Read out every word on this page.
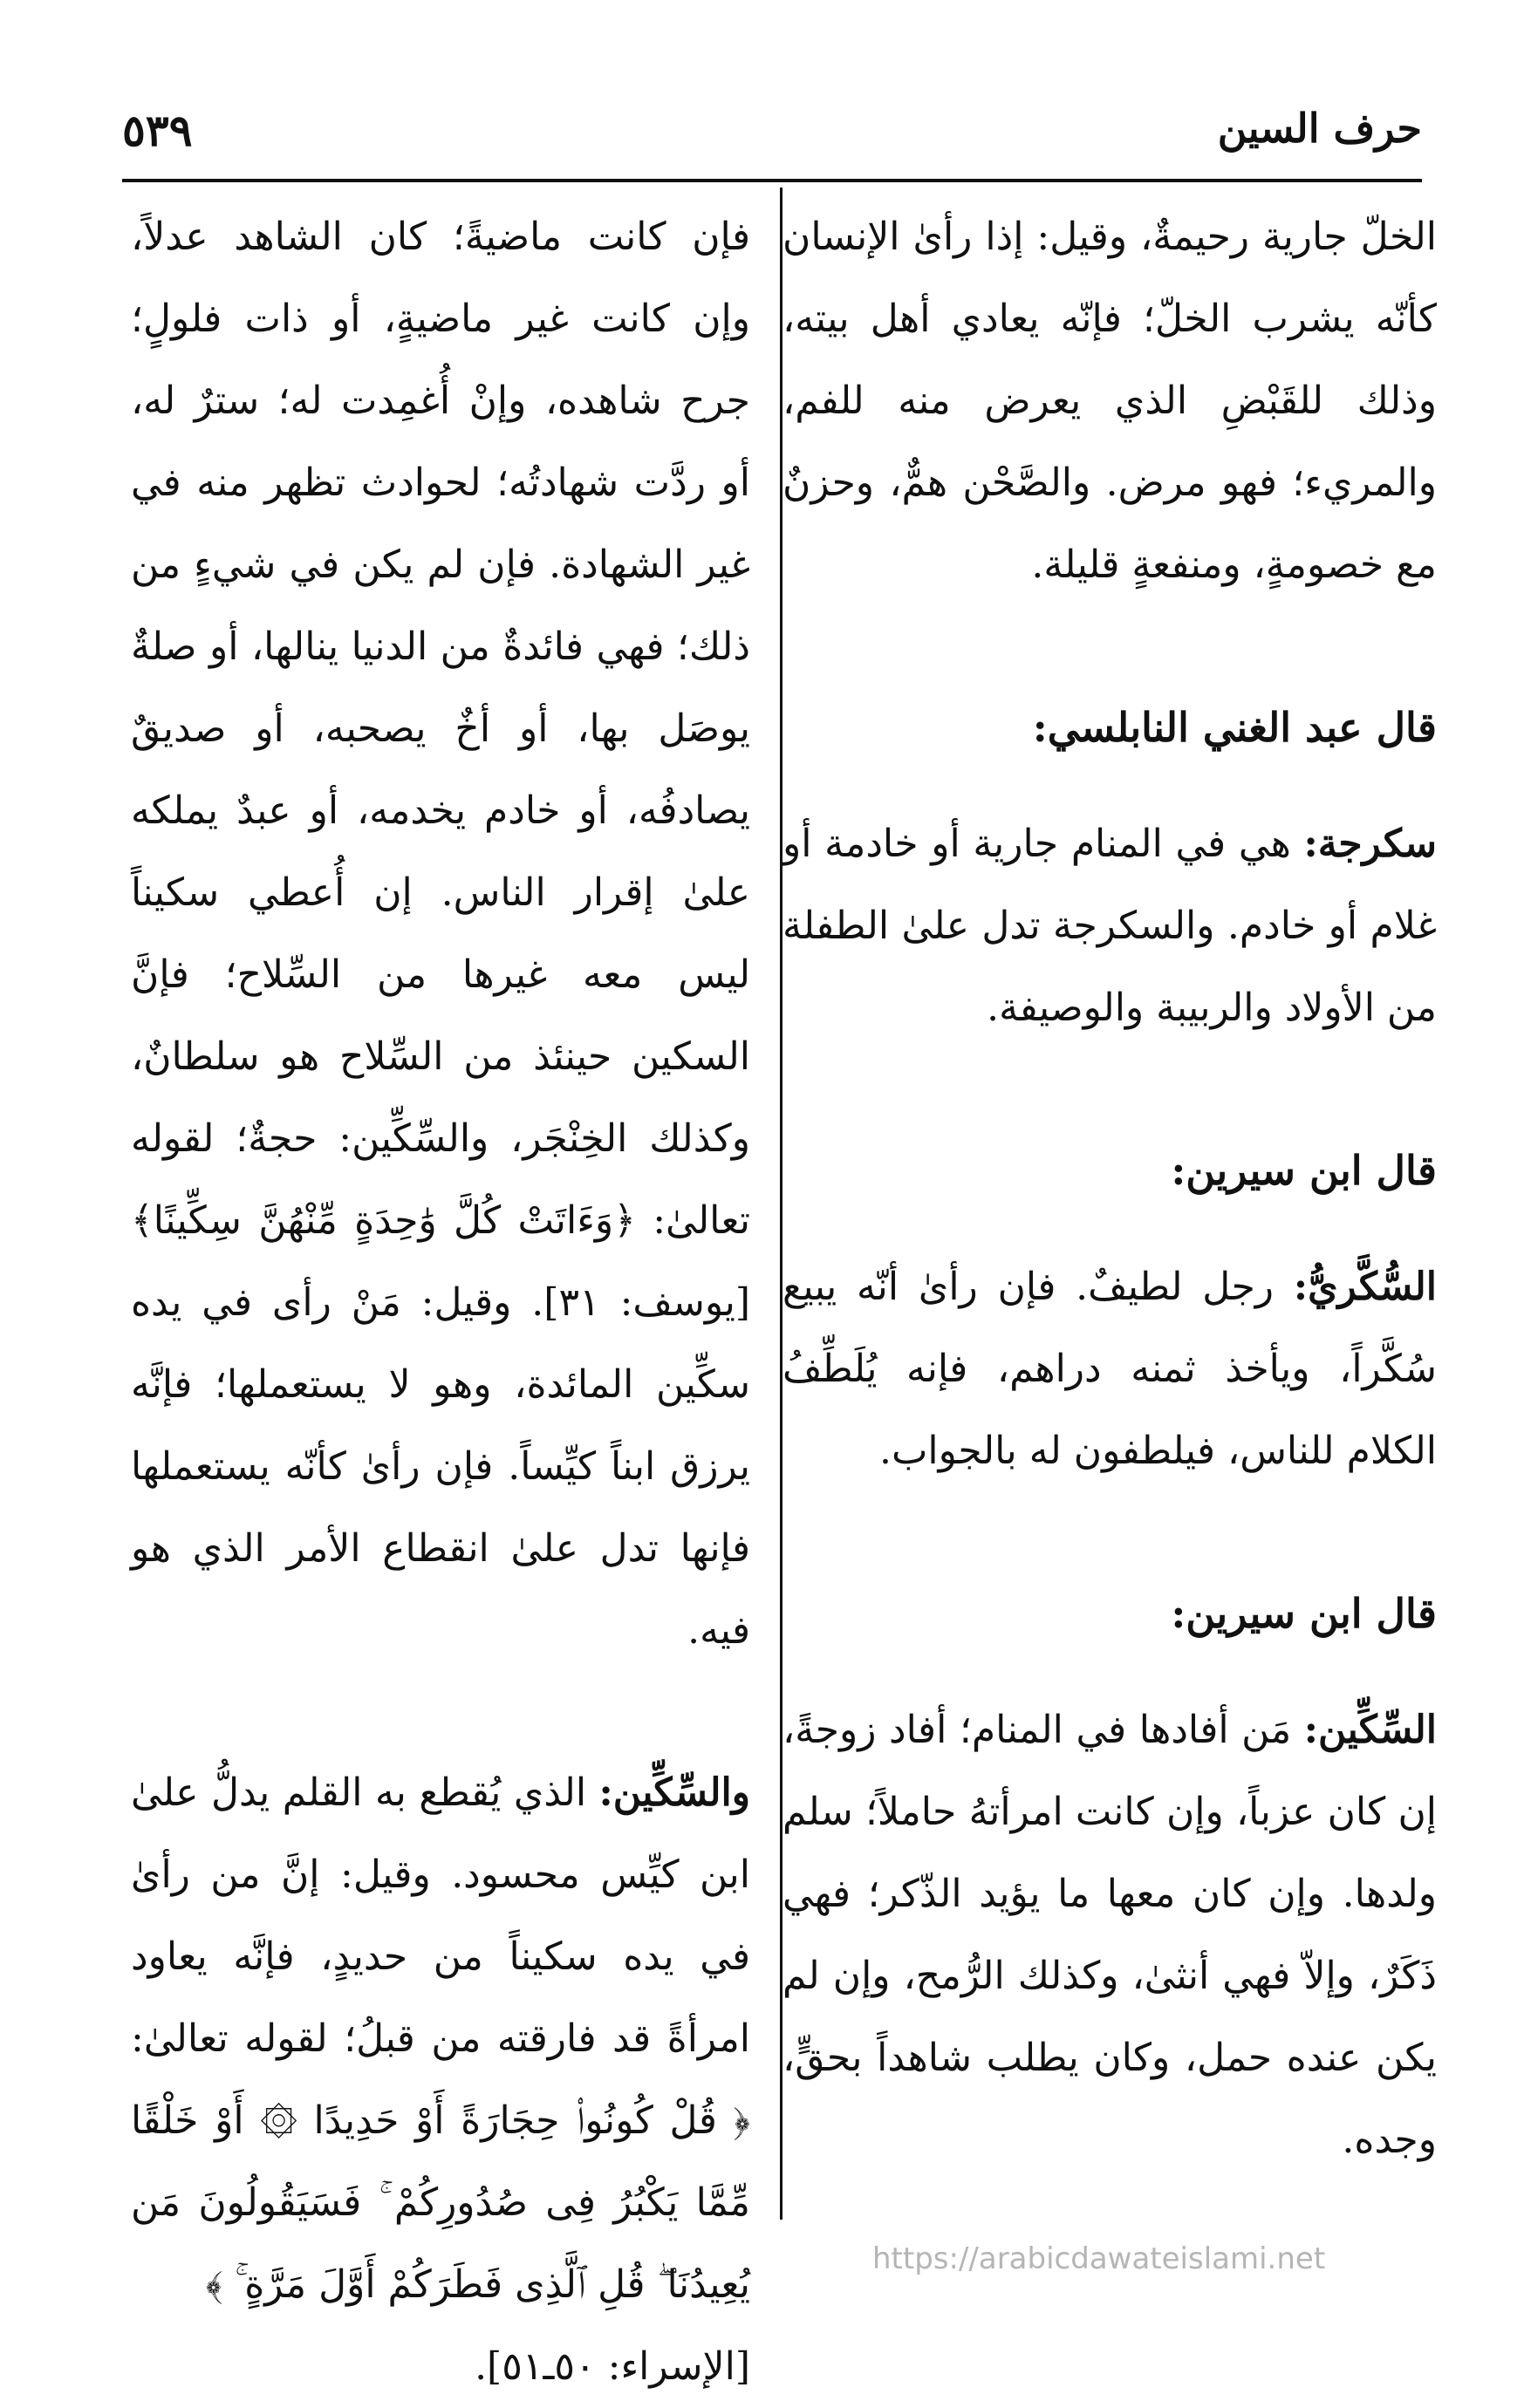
حرف السين
٥٣٩

الخلّ جارية رحيمةٌ، وقيل: إذا رأىٰ الإنسان كأنّه يشرب الخلّ؛ فإنّه يعادي أهل بيته، وذلك للقَبْضِ الذي يعرض منه للفم، والمريء؛ فهو مرض. والصَّحْن همٌّ، وحزنٌ مع خصومةٍ، ومنفعةٍ قليلة.

قال عبد الغني النابلسي:

سكرجة: هي في المنام جارية أو خادمة أو غلام أو خادم. والسكرجة تدل علىٰ الطفلة من الأولاد والربيبة والوصيفة.

قال ابن سيرين:

السُّكَّريُّ: رجل لطيفٌ. فإن رأىٰ أنّه يبيع سُكَّراً، ويأخذ ثمنه دراهم، فإنه يُلَطِّفُ الكلام للناس، فيلطفون له بالجواب.

قال ابن سيرين:

السِّكِّين: مَن أفادها في المنام؛ أفاد زوجةً، إن كان عزباً، وإن كانت امرأتهُ حاملاً؛ سلم ولدها. وإن كان معها ما يؤيد الذّكر؛ فهي ذَكَرٌ، وإلاّ فهي أنثىٰ، وكذلك الرُّمح، وإن لم يكن عنده حمل، وكان يطلب شاهداً بحقٍّ، وجده.

فإن كانت ماضيةً؛ كان الشاهد عدلاً، وإن كانت غير ماضيةٍ، أو ذات فلولٍ؛ جرح شاهده، وإنْ أُغمِدت له؛ سترٌ له، أو ردَّت شهادتُه؛ لحوادث تظهر منه في غير الشهادة. فإن لم يكن في شيءٍ من ذلك؛ فهي فائدةٌ من الدنيا ينالها، أو صلةٌ يوصَل بها، أو أخٌ يصحبه، أو صديقٌ يصادفُه، أو خادم يخدمه، أو عبدٌ يملكه علىٰ إقرار الناس. إن أُعطي سكيناً ليس معه غيرها من السِّلاح؛ فإنَّ السكين حينئذ من السِّلاح هو سلطانٌ، وكذلك الخِنْجَر، والسِّكِّين: حجةٌ؛ لقوله تعالىٰ: ﴿وَءَاتَتْ كُلَّ وَٰحِدَةٍ مِّنْهُنَّ سِكِّينًا﴾ [يوسف: ٣١]. وقيل: مَنْ رأى في يده سكِّين المائدة، وهو لا يستعملها؛ فإنَّه يرزق ابناً كيِّساً. فإن رأىٰ كأنّه يستعملها فإنها تدل علىٰ انقطاع الأمر الذي هو فيه.

والسِّكِّين: الذي يُقطع به القلم يدلُّ علىٰ ابن كيِّس محسود. وقيل: إنَّ من رأىٰ في يده سكيناً من حديدٍ، فإنَّه يعاود امرأةً قد فارقته من قبلُ؛ لقوله تعالىٰ: ﴿ قُلْ كُونُوا۟ حِجَارَةً أَوْ حَدِيدًا ۞ أَوْ خَلْقًا مِّمَّا يَكْبُرُ فِى صُدُورِكُمْ ۚ فَسَيَقُولُونَ مَن يُعِيدُنَا ۖ قُلِ ٱلَّذِى فَطَرَكُمْ أَوَّلَ مَرَّةٍ ۚ ﴾

[الإسراء: ٥٠ـ٥١].

https://arabicdawateislami.net
